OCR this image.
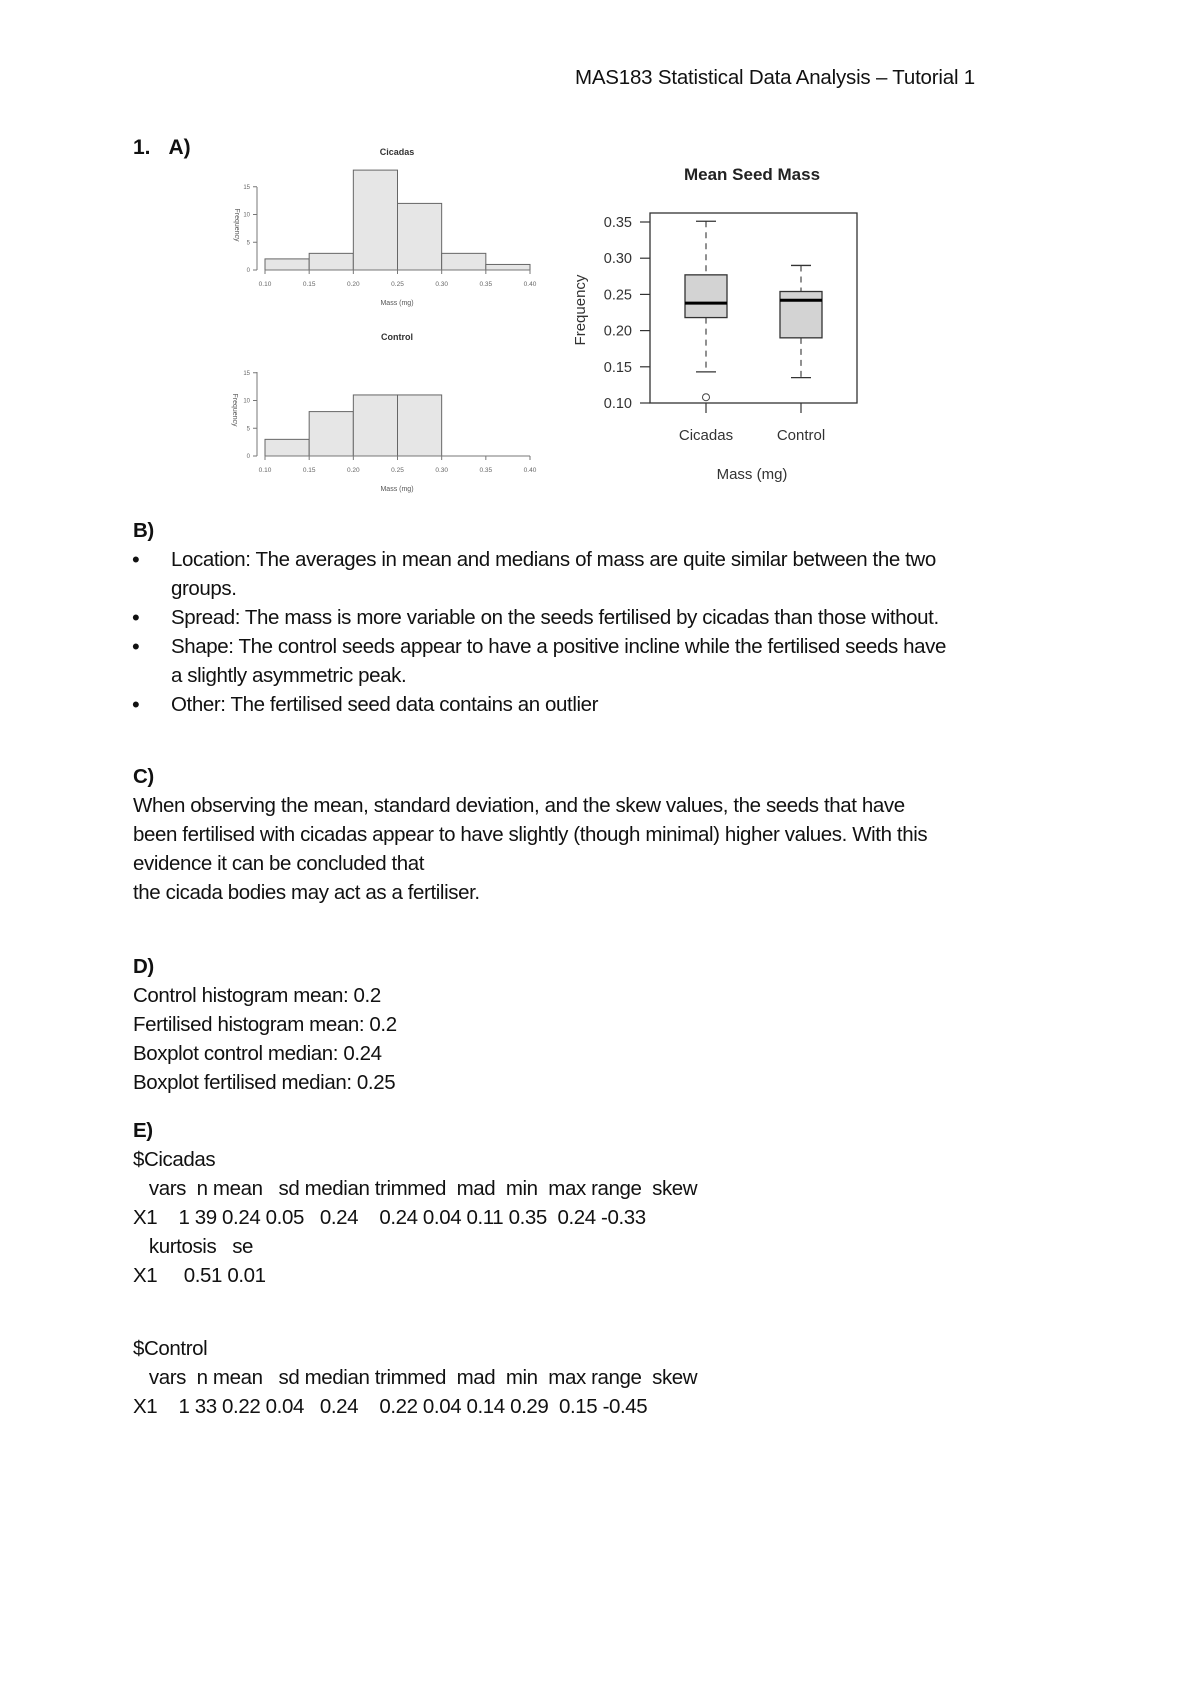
MAS183 Statistical Data Analysis – Tutorial 1
1. A)	Cicadas
0
5
10
15
0.10	0.15	0.20	0.25	0.30	0.35	0.40
Mass (mg)
Frequency
Control
0
5
10
15
0.10	0.15	0.20	0.25	0.30	0.35	0.40
Mass (mg)
Frequency
Mean Seed Mass
0.10
0.15
0.20
0.25
0.30
0.35
Cicadas	Control
Mass (mg)
Frequency
B)
• Location: The averages in mean and medians of mass are quite similar between the two
groups.
• Spread: The mass is more variable on the seeds fertilised by cicadas than those without.
• Shape: The control seeds appear to have a positive incline while the fertilised seeds have
a slightly asymmetric peak.
• Other: The fertilised seed data contains an outlier
C)
When observing the mean, standard deviation, and the skew values, the seeds that have
been fertilised with cicadas appear to have slightly (though minimal) higher values. With this
evidence it can be concluded that
the cicada bodies may act as a fertiliser.
D)
Control histogram mean: 0.2
Fertilised histogram mean: 0.2
Boxplot control median: 0.24
Boxplot fertilised median: 0.25
E)
$Cicadas
vars  n mean   sd median trimmed  mad  min  max range  skew
X1    1 39 0.24 0.05   0.24    0.24 0.04 0.11 0.35  0.24 -0.33
kurtosis   se
X1     0.51 0.01
$Control
vars  n mean   sd median trimmed  mad  min  max range  skew
X1    1 33 0.22 0.04   0.24    0.22 0.04 0.14 0.29  0.15 -0.45
